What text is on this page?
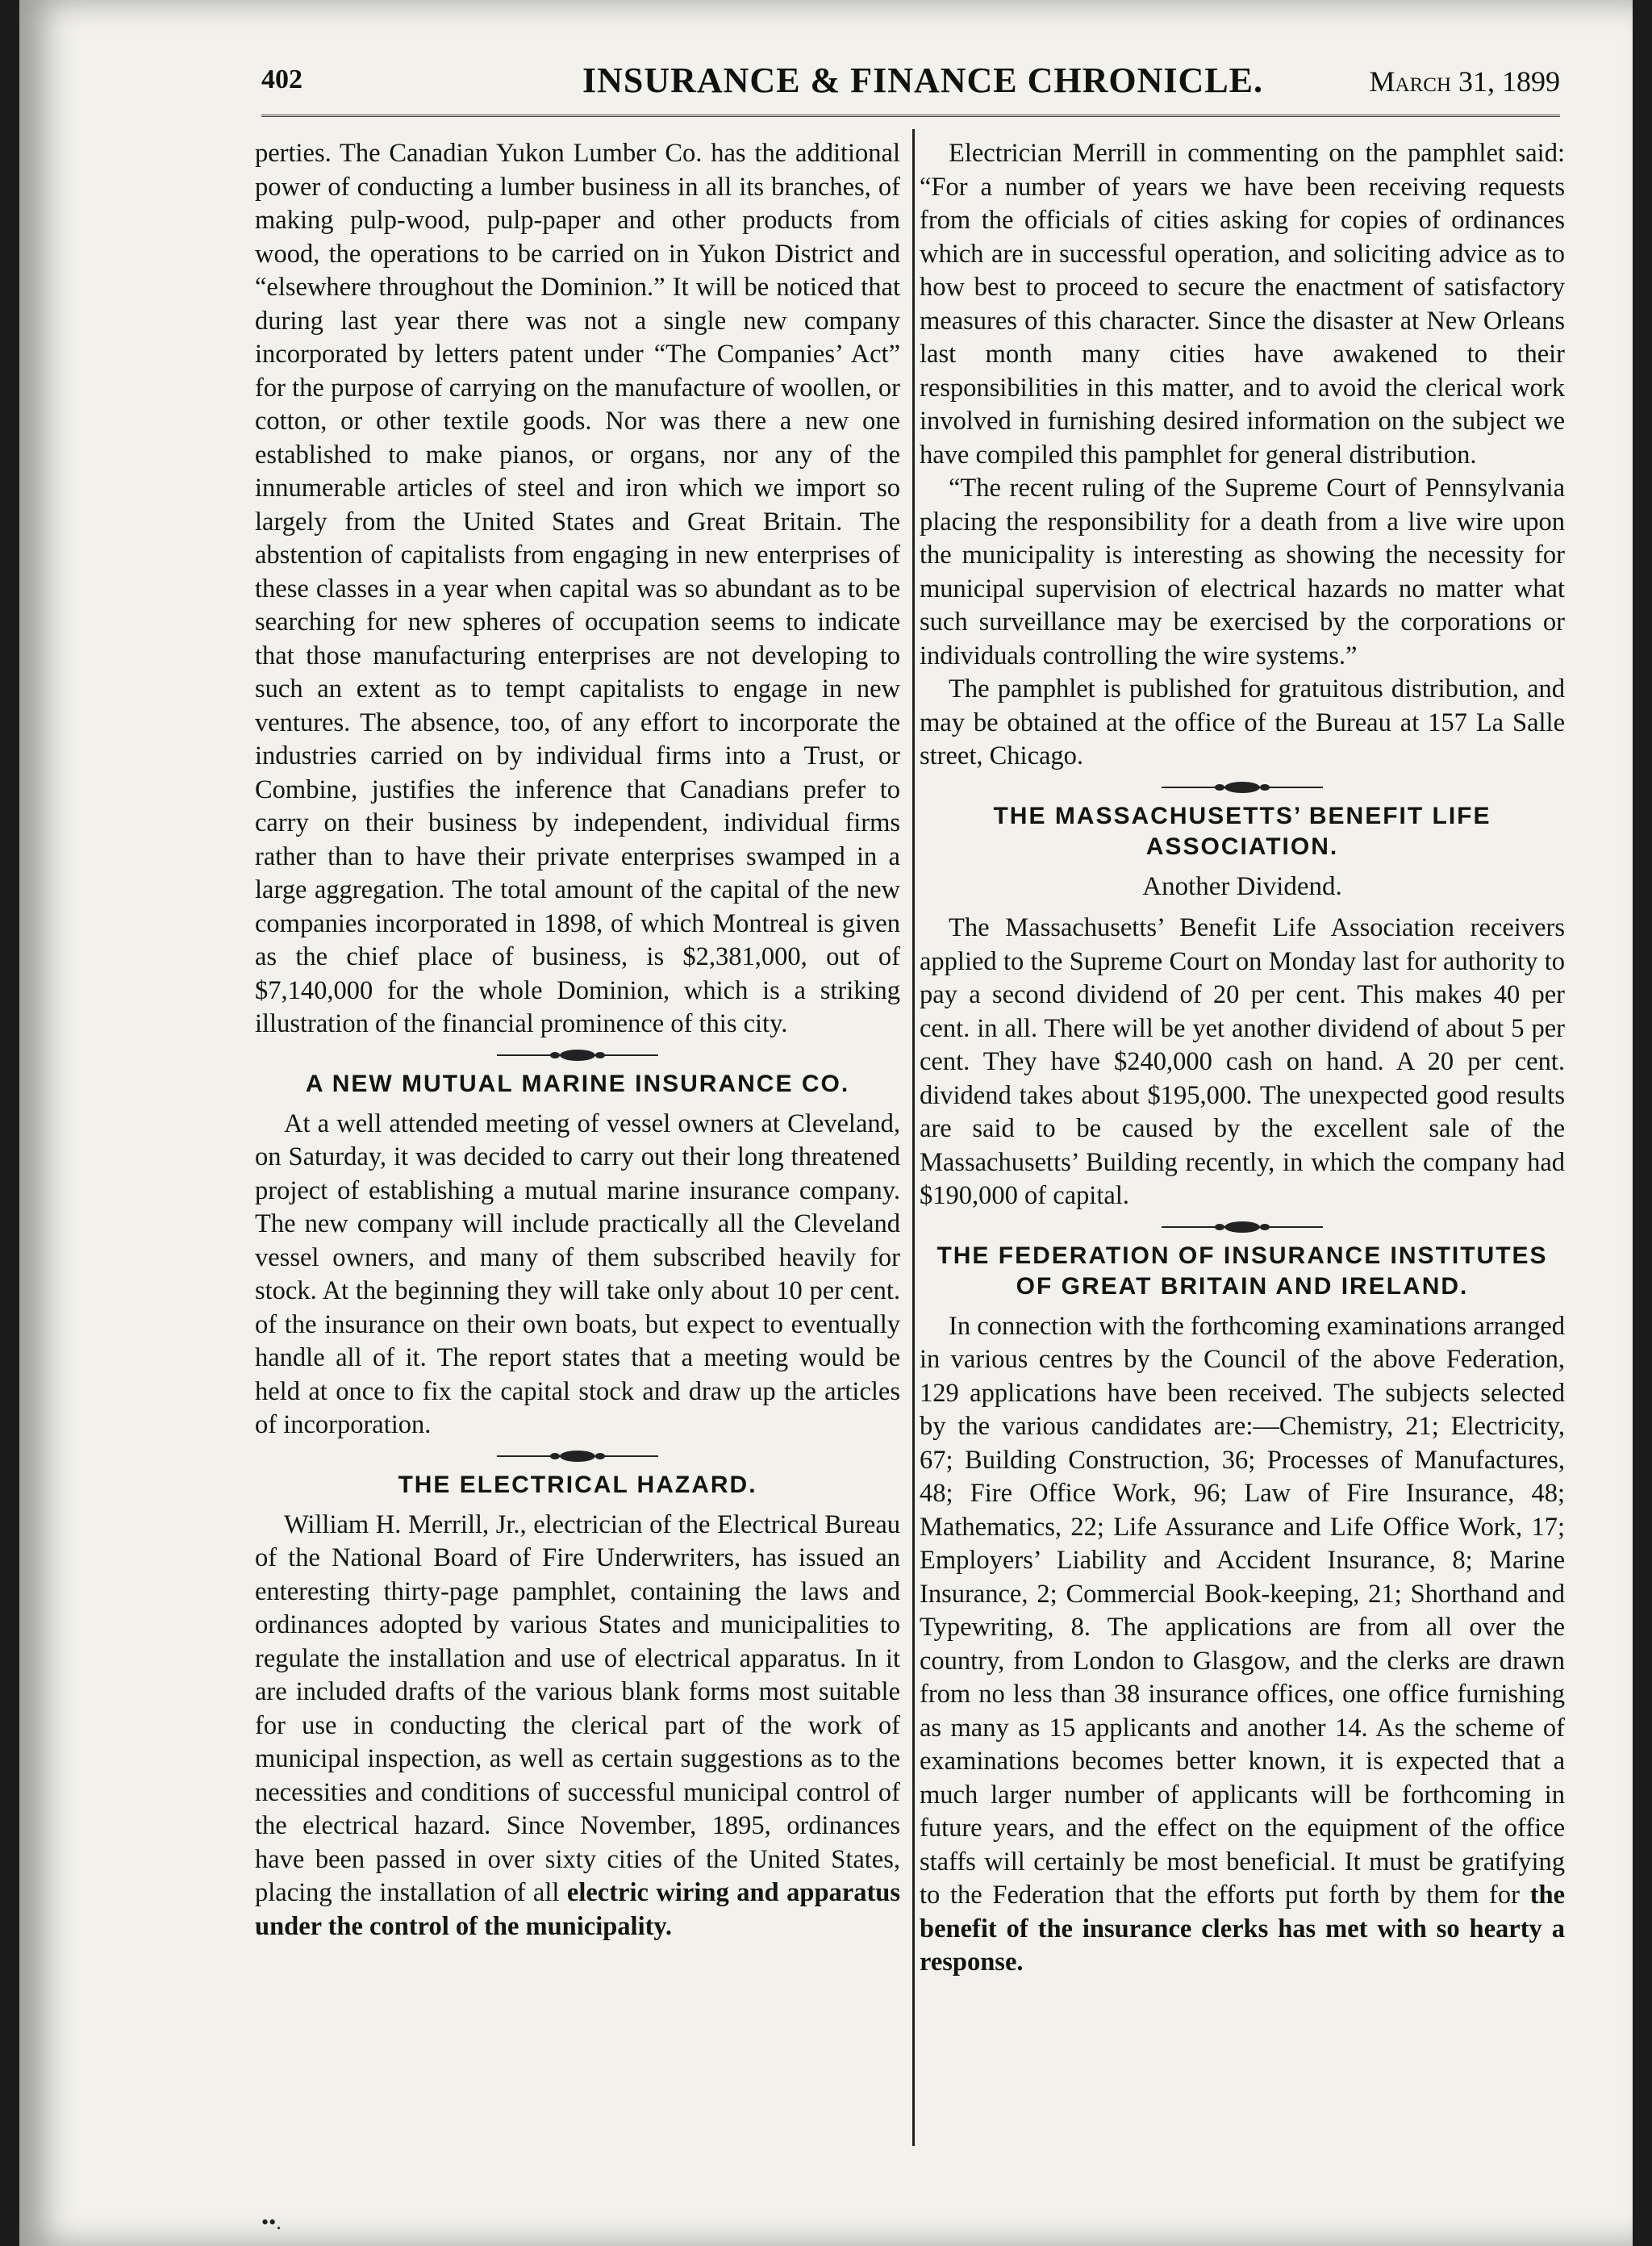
402	INSURANCE & FINANCE CHRONICLE.	March 31, 1899

perties. The Canadian Yukon Lumber Co. has the additional power of conducting a lumber business in all its branches, of making pulp-wood, pulp-paper and other products from wood, the operations to be carried on in Yukon District and “elsewhere throughout the Dominion.” It will be noticed that during last year there was not a single new company incorporated by letters patent under “The Companies’ Act” for the purpose of carrying on the manufacture of woollen, or cotton, or other textile goods. Nor was there a new one established to make pianos, or organs, nor any of the innumerable articles of steel and iron which we import so largely from the United States and Great Britain. The abstention of capitalists from engaging in new enterprises of these classes in a year when capital was so abundant as to be searching for new spheres of occupation seems to indicate that those manufacturing enterprises are not developing to such an extent as to tempt capitalists to engage in new ventures. The absence, too, of any effort to incorporate the industries carried on by individual firms into a Trust, or Combine, justifies the inference that Canadians prefer to carry on their business by independent, individual firms rather than to have their private enterprises swamped in a large aggregation. The total amount of the capital of the new companies incorporated in 1898, of which Montreal is given as the chief place of business, is $2,381,000, out of $7,140,000 for the whole Dominion, which is a striking illustration of the financial prominence of this city.

A NEW MUTUAL MARINE INSURANCE CO.

At a well attended meeting of vessel owners at Cleveland, on Saturday, it was decided to carry out their long threatened project of establishing a mutual marine insurance company. The new company will include practically all the Cleveland vessel owners, and many of them subscribed heavily for stock. At the beginning they will take only about 10 per cent. of the insurance on their own boats, but expect to eventually handle all of it. The report states that a meeting would be held at once to fix the capital stock and draw up the articles of incorporation.

THE ELECTRICAL HAZARD.

William H. Merrill, Jr., electrician of the Electrical Bureau of the National Board of Fire Underwriters, has issued an enteresting thirty-page pamphlet, containing the laws and ordinances adopted by various States and municipalities to regulate the installation and use of electrical apparatus. In it are included drafts of the various blank forms most suitable for use in conducting the clerical part of the work of municipal inspection, as well as certain suggestions as to the necessities and conditions of successful municipal control of the electrical hazard. Since November, 1895, ordinances have been passed in over sixty cities of the United States, placing the installation of all electric wiring and apparatus under the control of the municipality.

Electrician Merrill in commenting on the pamphlet said: “For a number of years we have been receiving requests from the officials of cities asking for copies of ordinances which are in successful operation, and soliciting advice as to how best to proceed to secure the enactment of satisfactory measures of this character. Since the disaster at New Orleans last month many cities have awakened to their responsibilities in this matter, and to avoid the clerical work involved in furnishing desired information on the subject we have compiled this pamphlet for general distribution.

“The recent ruling of the Supreme Court of Pennsylvania placing the responsibility for a death from a live wire upon the municipality is interesting as showing the necessity for municipal supervision of electrical hazards no matter what such surveillance may be exercised by the corporations or individuals controlling the wire systems.”

The pamphlet is published for gratuitous distribution, and may be obtained at the office of the Bureau at 157 La Salle street, Chicago.

THE MASSACHUSETTS’ BENEFIT LIFE
ASSOCIATION.
Another Dividend.

The Massachusetts’ Benefit Life Association receivers applied to the Supreme Court on Monday last for authority to pay a second dividend of 20 per cent. This makes 40 per cent. in all. There will be yet another dividend of about 5 per cent. They have $240,000 cash on hand. A 20 per cent. dividend takes about $195,000. The unexpected good results are said to be caused by the excellent sale of the Massachusetts’ Building recently, in which the company had $190,000 of capital.

THE FEDERATION OF INSURANCE INSTITUTES
OF GREAT BRITAIN AND IRELAND.

In connection with the forthcoming examinations arranged in various centres by the Council of the above Federation, 129 applications have been received. The subjects selected by the various candidates are:—Chemistry, 21; Electricity, 67; Building Construction, 36; Processes of Manufactures, 48; Fire Office Work, 96; Law of Fire Insurance, 48; Mathematics, 22; Life Assurance and Life Office Work, 17; Employers’ Liability and Accident Insurance, 8; Marine Insurance, 2; Commercial Book-keeping, 21; Shorthand and Typewriting, 8. The applications are from all over the country, from London to Glasgow, and the clerks are drawn from no less than 38 insurance offices, one office furnishing as many as 15 applicants and another 14. As the scheme of examinations becomes better known, it is expected that a much larger number of applicants will be forthcoming in future years, and the effect on the equipment of the office staffs will certainly be most beneficial. It must be gratifying to the Federation that the efforts put forth by them for the benefit of the insurance clerks has met with so hearty a response.

••.
